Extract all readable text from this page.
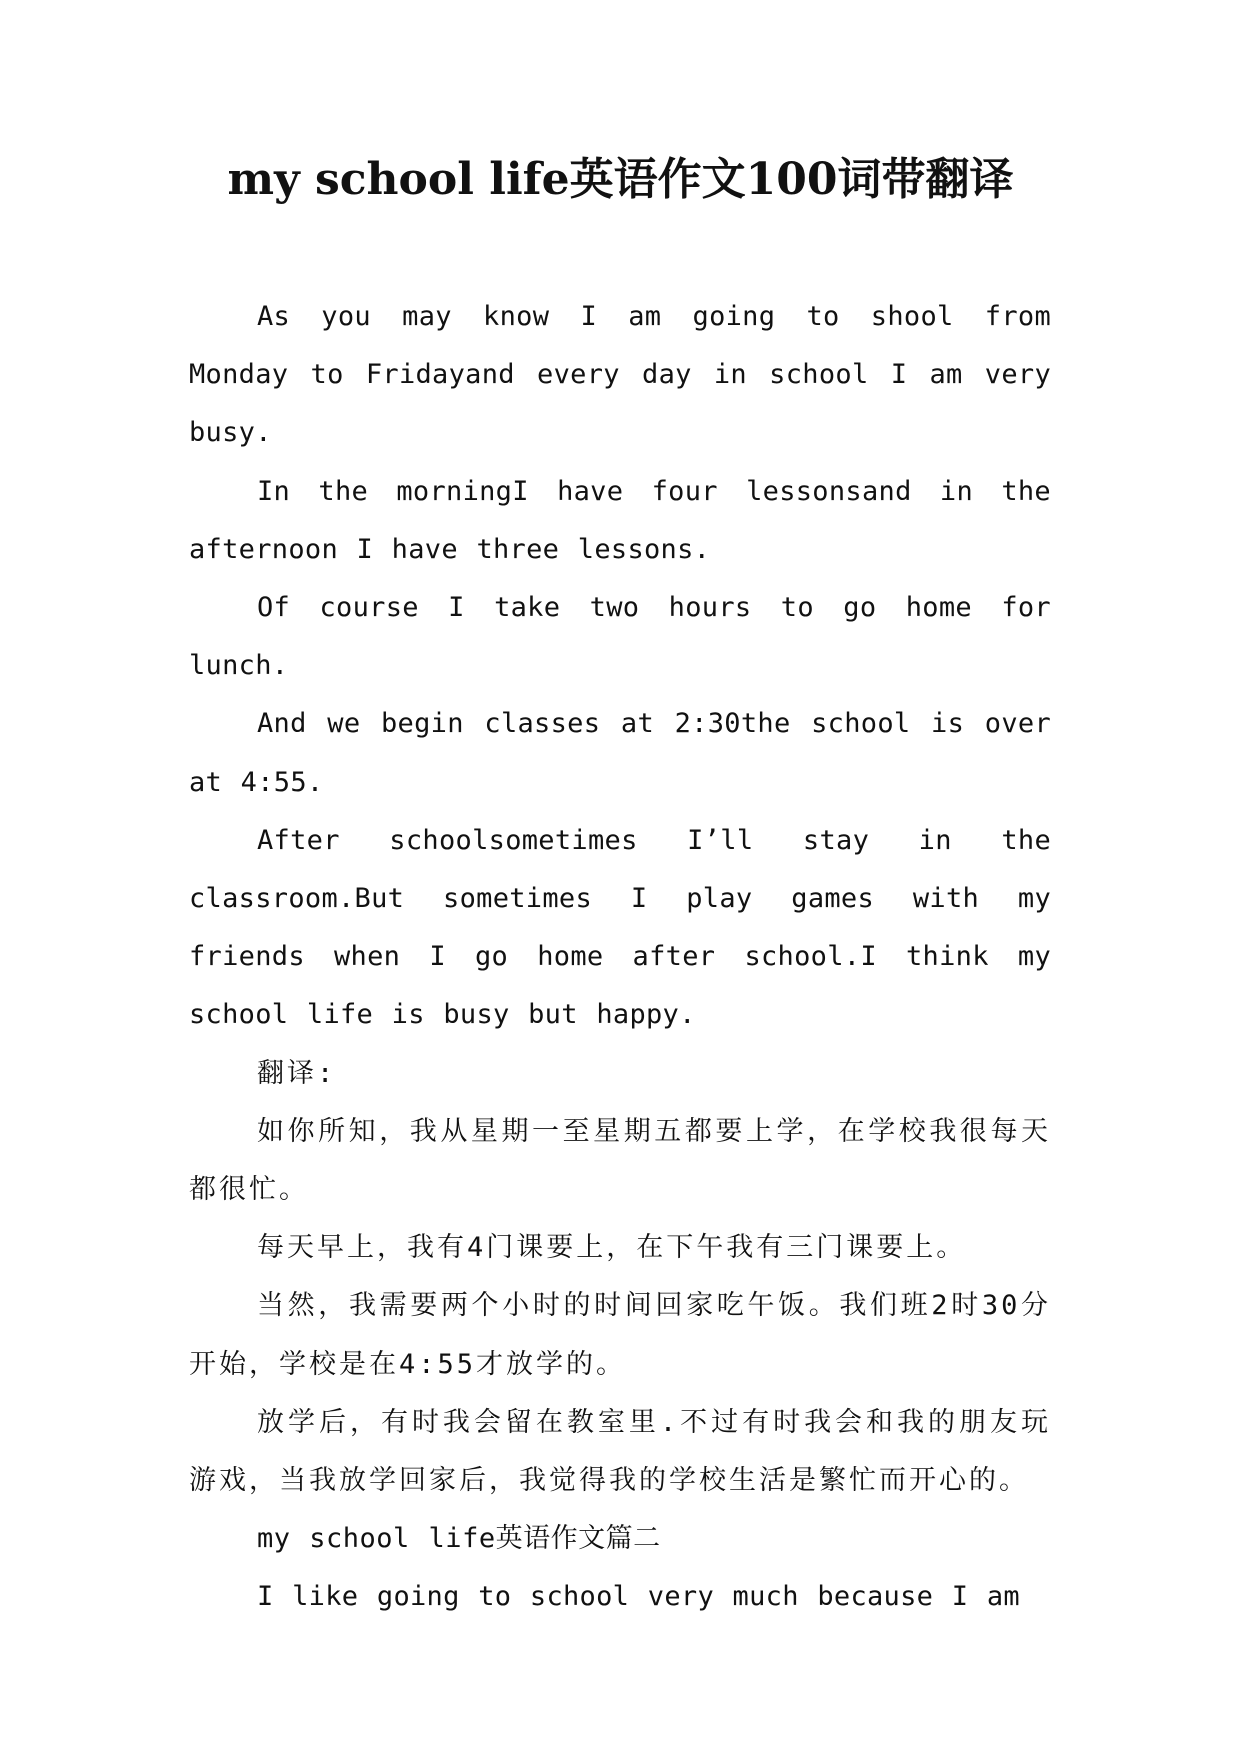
my school life英语作文100词带翻译

As you may know I am going to shool from Monday to Fridayand every day in school I am very busy.

In the morningI have four lessonsand in the afternoon I have three lessons.

Of course I take two hours to go home for lunch.

And we begin classes at 2:30the school is over at 4:55.

After schoolsometimes I’ll stay in the classroom.But sometimes I play games with my friends when I go home after school.I think my school life is busy but happy.

翻译:

如你所知，我从星期一至星期五都要上学，在学校我很每天都很忙。

每天早上，我有4门课要上，在下午我有三门课要上。

当然，我需要两个小时的时间回家吃午饭。我们班2时30分开始，学校是在4:55才放学的。

放学后，有时我会留在教室里.不过有时我会和我的朋友玩游戏，当我放学回家后，我觉得我的学校生活是繁忙而开心的。

my school life英语作文篇二

I like going to school very much because I am
